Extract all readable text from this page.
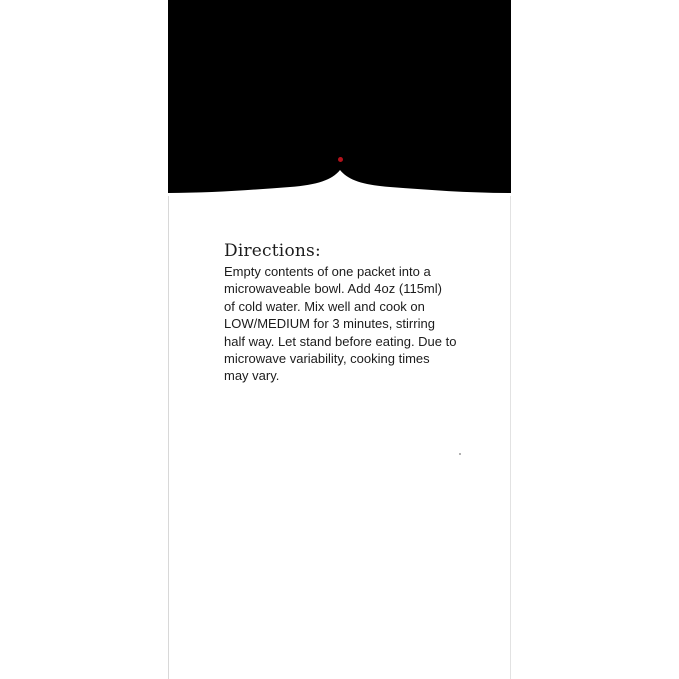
Directions:

Empty contents of one packet into a
microwaveable bowl. Add 4oz (115ml)
of cold water. Mix well and cook on
LOW/MEDIUM for 3 minutes, stirring
half way. Let stand before eating. Due to
microwave variability, cooking times
may vary.
